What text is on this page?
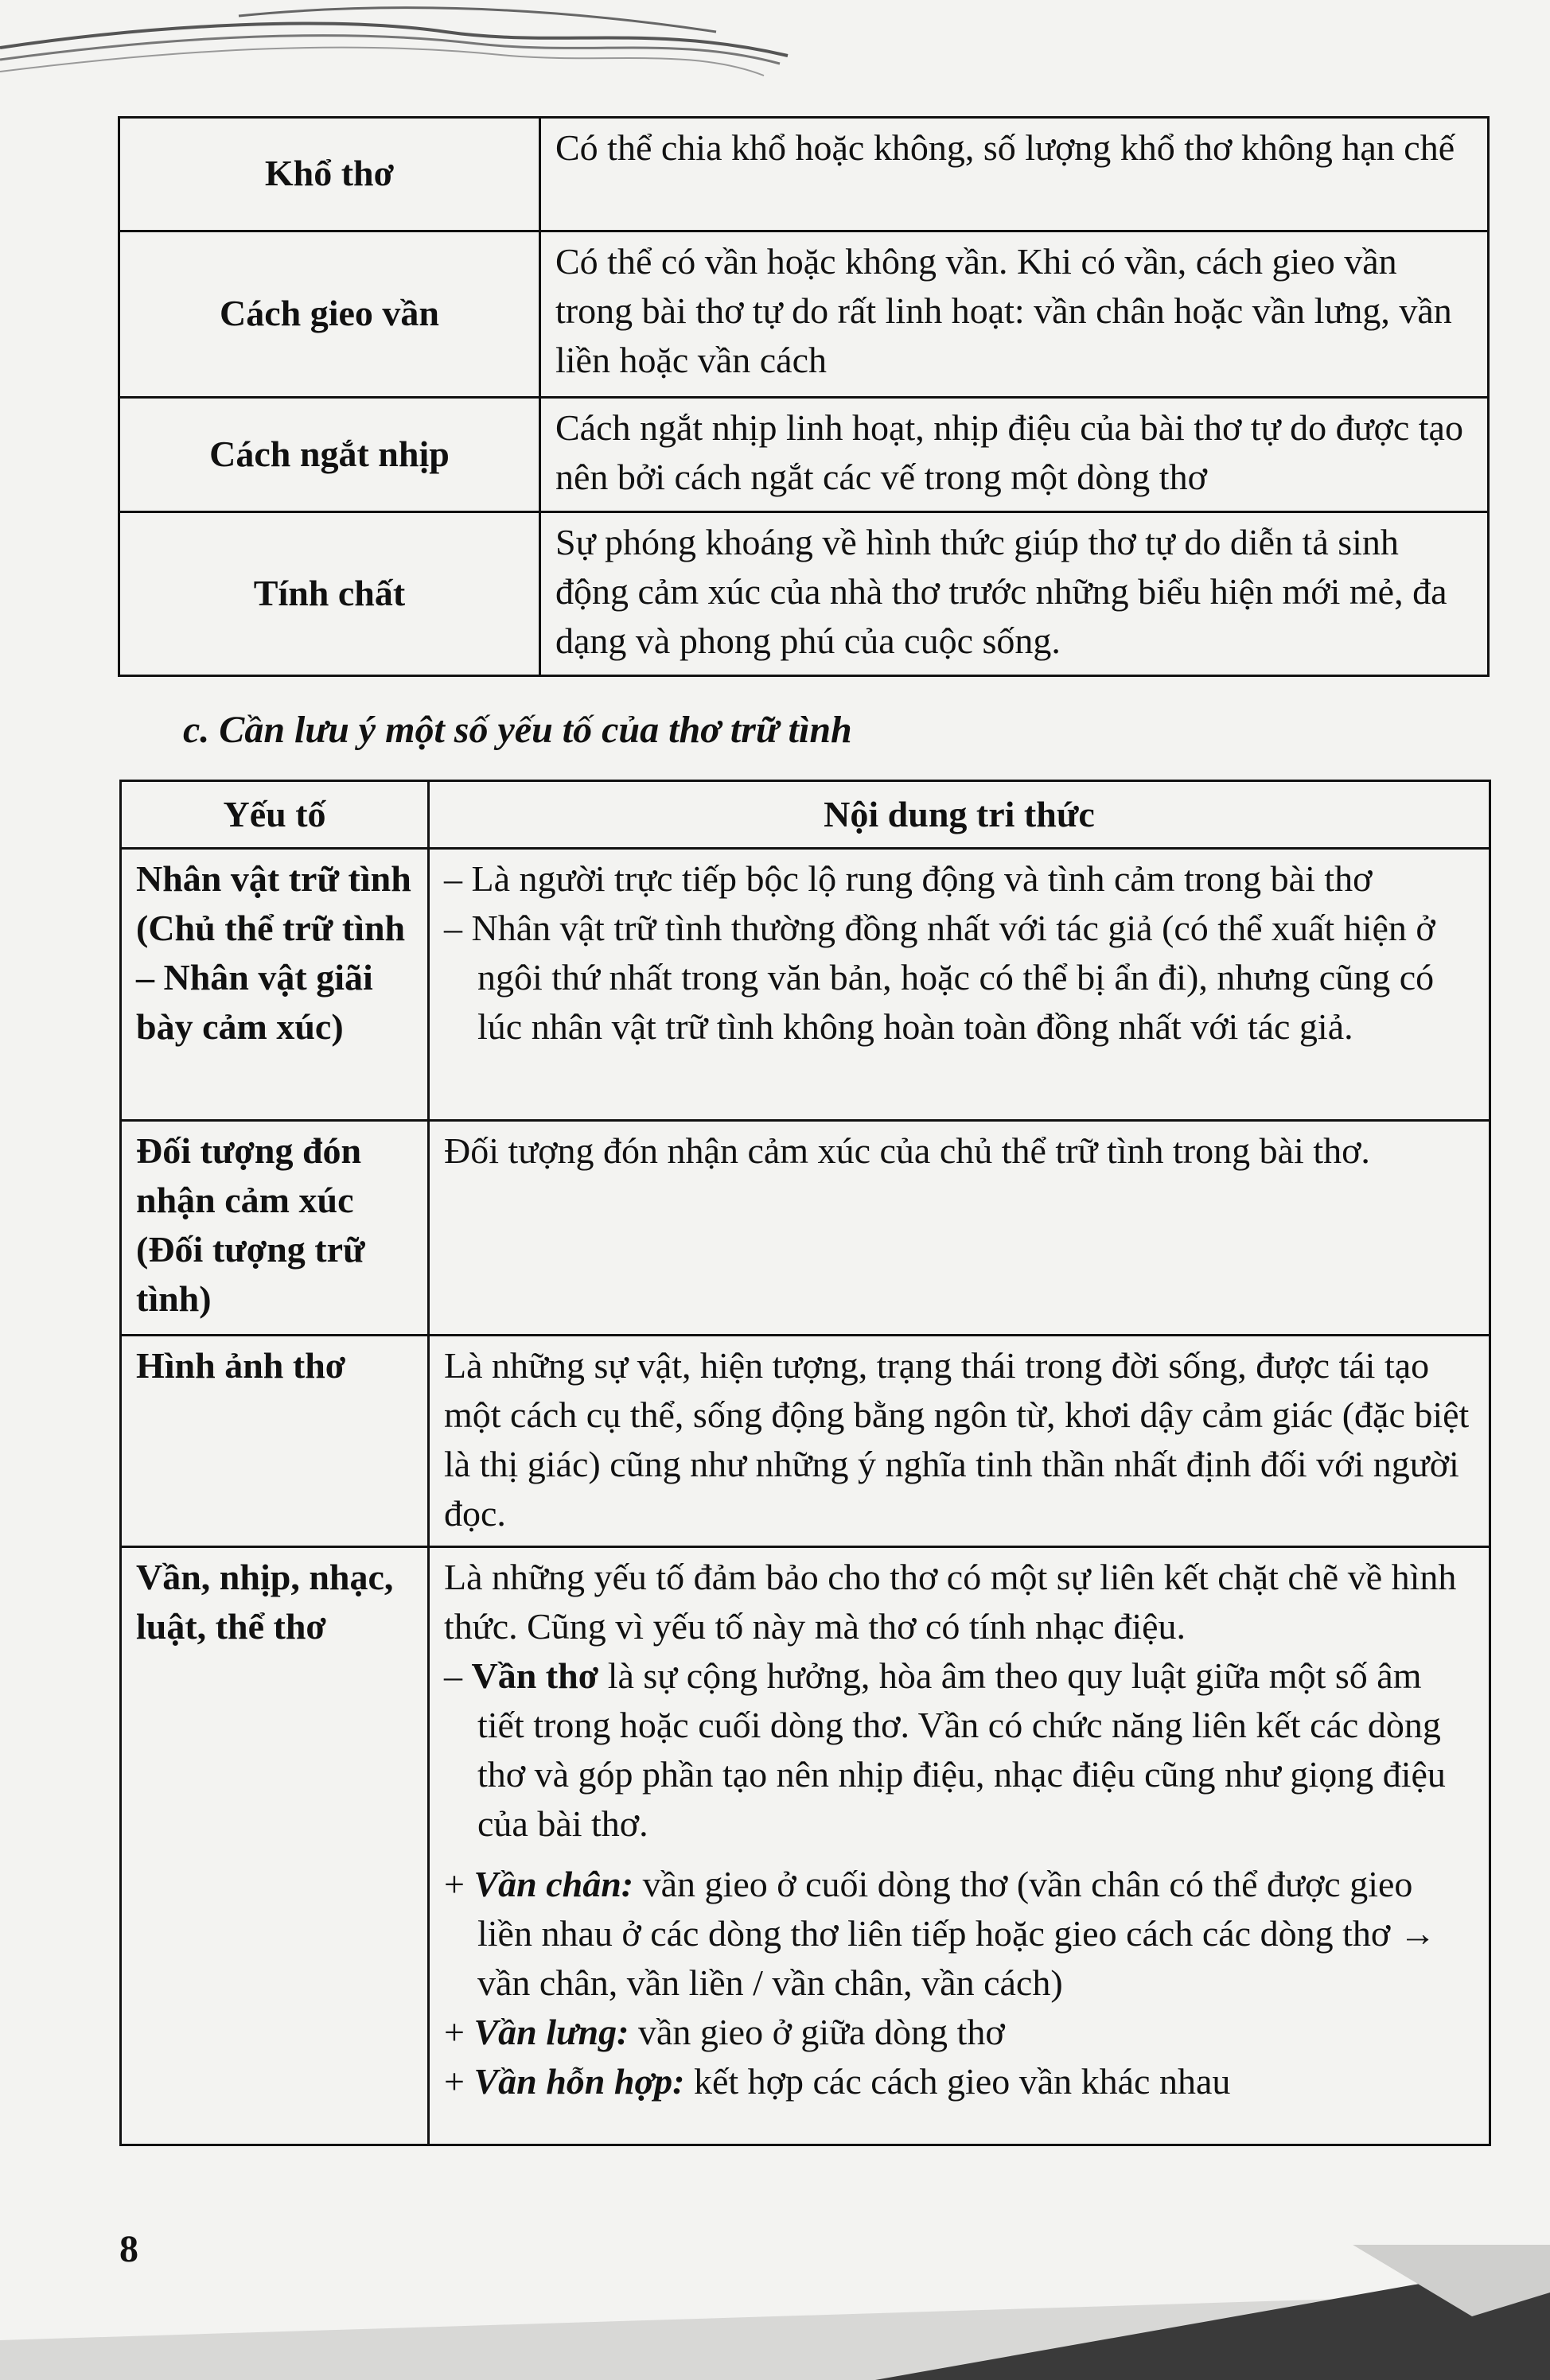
Khổ thơ	Có thể chia khổ hoặc không, số lượng khổ thơ không hạn chế
Cách gieo vần	Có thể có vần hoặc không vần. Khi có vần, cách gieo vần trong bài thơ tự do rất linh hoạt: vần chân hoặc vần lưng, vần liền hoặc vần cách
Cách ngắt nhịp	Cách ngắt nhịp linh hoạt, nhịp điệu của bài thơ tự do được tạo nên bởi cách ngắt các vế trong một dòng thơ
Tính chất	Sự phóng khoáng về hình thức giúp thơ tự do diễn tả sinh động cảm xúc của nhà thơ trước những biểu hiện mới mẻ, đa dạng và phong phú của cuộc sống.
c. Cần lưu ý một số yếu tố của thơ trữ tình
Yếu tố	Nội dung tri thức
Nhân vật trữ tình (Chủ thể trữ tình – Nhân vật giãi bày cảm xúc)	– Là người trực tiếp bộc lộ rung động và tình cảm trong bài thơ

– Nhân vật trữ tình thường đồng nhất với tác giả (có thể xuất hiện ở ngôi thứ nhất trong văn bản, hoặc có thể bị ẩn đi), nhưng cũng có lúc nhân vật trữ tình không hoàn toàn đồng nhất với tác giả.

Đối tượng đón nhận cảm xúc (Đối tượng trữ tình)	Đối tượng đón nhận cảm xúc của chủ thể trữ tình trong bài thơ.
Hình ảnh thơ	Là những sự vật, hiện tượng, trạng thái trong đời sống, được tái tạo một cách cụ thể, sống động bằng ngôn từ, khơi dậy cảm giác (đặc biệt là thị giác) cũng như những ý nghĩa tinh thần nhất định đối với người đọc.
Vần, nhịp, nhạc, luật, thể thơ	Là những yếu tố đảm bảo cho thơ có một sự liên kết chặt chẽ về hình thức. Cũng vì yếu tố này mà thơ có tính nhạc điệu.

– Vần thơ là sự cộng hưởng, hòa âm theo quy luật giữa một số âm tiết trong hoặc cuối dòng thơ. Vần có chức năng liên kết các dòng thơ và góp phần tạo nên nhịp điệu, nhạc điệu cũng như giọng điệu của bài thơ.

+ Vần chân: vần gieo ở cuối dòng thơ (vần chân có thể được gieo liền nhau ở các dòng thơ liên tiếp hoặc gieo cách các dòng thơ → vần chân, vần liền / vần chân, vần cách)

+ Vần lưng: vần gieo ở giữa dòng thơ

+ Vần hỗn hợp: kết hợp các cách gieo vần khác nhau

8
